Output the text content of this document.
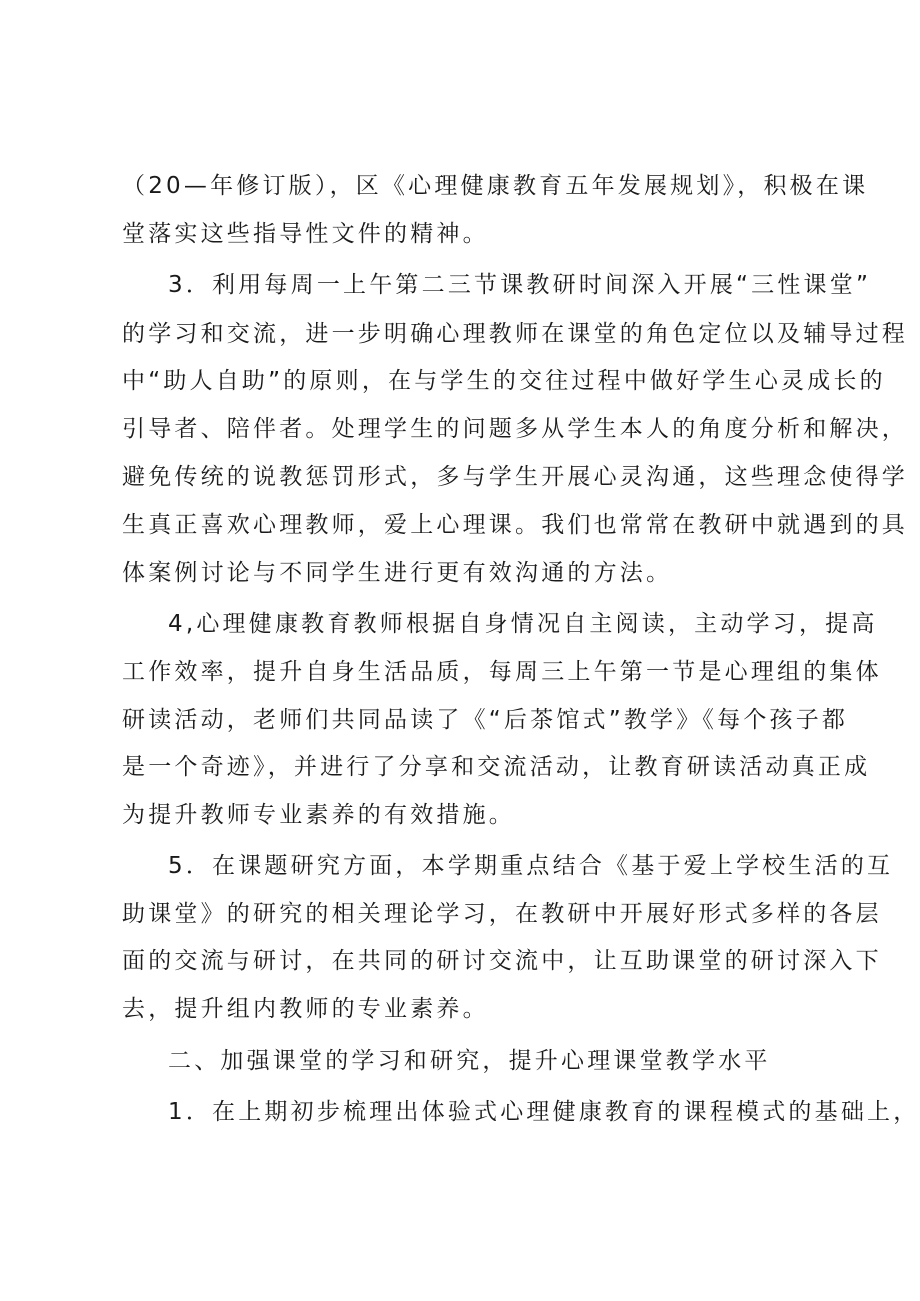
（20—年修订版），区《心理健康教育五年发展规划》，积极在课
堂落实这些指导性文件的精神。
3．利用每周一上午第二三节课教研时间深入开展“三性课堂”
的学习和交流，进一步明确心理教师在课堂的角色定位以及辅导过程
中“助人自助”的原则，在与学生的交往过程中做好学生心灵成长的
引导者、陪伴者。处理学生的问题多从学生本人的角度分析和解决，
避免传统的说教惩罚形式，多与学生开展心灵沟通，这些理念使得学
生真正喜欢心理教师，爱上心理课。我们也常常在教研中就遇到的具
体案例讨论与不同学生进行更有效沟通的方法。
4,心理健康教育教师根据自身情况自主阅读，主动学习，提高
工作效率，提升自身生活品质，每周三上午第一节是心理组的集体
研读活动，老师们共同品读了《“后茶馆式”教学》《每个孩子都
是一个奇迹》，并进行了分享和交流活动，让教育研读活动真正成
为提升教师专业素养的有效措施。
5．在课题研究方面，本学期重点结合《基于爱上学校生活的互
助课堂》的研究的相关理论学习，在教研中开展好形式多样的各层
面的交流与研讨，在共同的研讨交流中，让互助课堂的研讨深入下
去，提升组内教师的专业素养。
二、加强课堂的学习和研究，提升心理课堂教学水平
1．在上期初步梳理出体验式心理健康教育的课程模式的基础上，
